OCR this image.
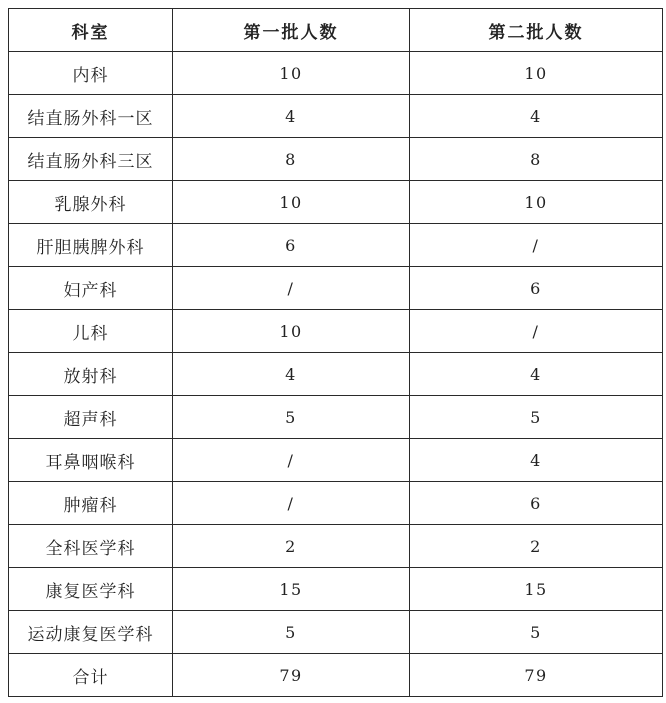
科室	第一批人数	第二批人数
内科	10	10
结直肠外科一区	4	4
结直肠外科三区	8	8
乳腺外科	10	10
肝胆胰脾外科	6	/
妇产科	/	6
儿科	10	/
放射科	4	4
超声科	5	5
耳鼻咽喉科	/	4
肿瘤科	/	6
全科医学科	2	2
康复医学科	15	15
运动康复医学科	5	5
合计	79	79
